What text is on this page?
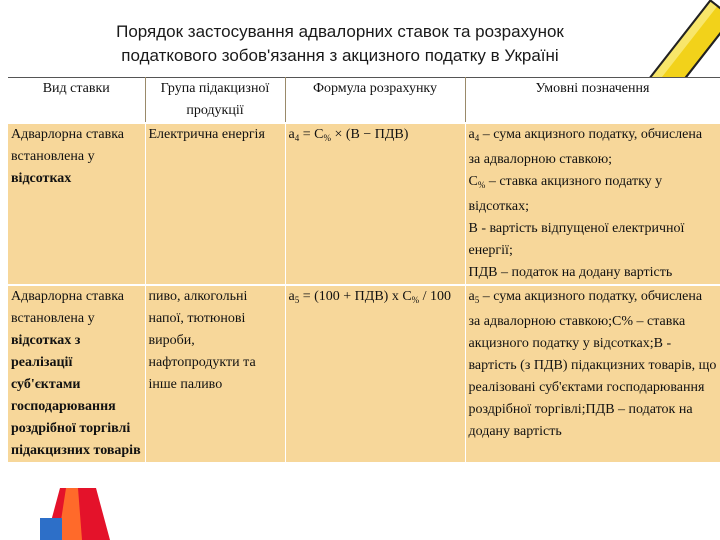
Порядок застосування адвалорних ставок та розрахунок
податкового зобов'язання з акцизного податку в Україні
Вид ставки	Група підакцизної продукції	Формула розрахунку	Умовні позначення
Адварлорна ставка встановлена у відсотках	Електрична енергія	$а_4 = С_{\%} \times (В - ПДВ)$	$а_4$ – сума акцизного податку, обчислена за адвалорною ставкою;
$С_{\%}$ – ставка акцизного податку у відсотках;
В - вартість відпущеної електричної енергії;
ПДВ – податок на додану вартість
Адварлорна ставка встановлена у відсотках з реалізації суб'єктами господарювання роздрібної торгівлі підакцизних товарів	пиво, алкогольні напої, тютюнові вироби, нафтопродукти та інше паливо	$а_5 = (100 + ПДВ)$ х $С_{\%} / 100$	$а_5$ – сума акцизного податку, обчислена за адвалорною ставкою;С% – ставка акцизного податку у відсотках;В - вартість (з ПДВ) підакцизних товарів, що реалізовані суб'єктами господарювання роздрібної торгівлі;ПДВ – податок на додану вартість
